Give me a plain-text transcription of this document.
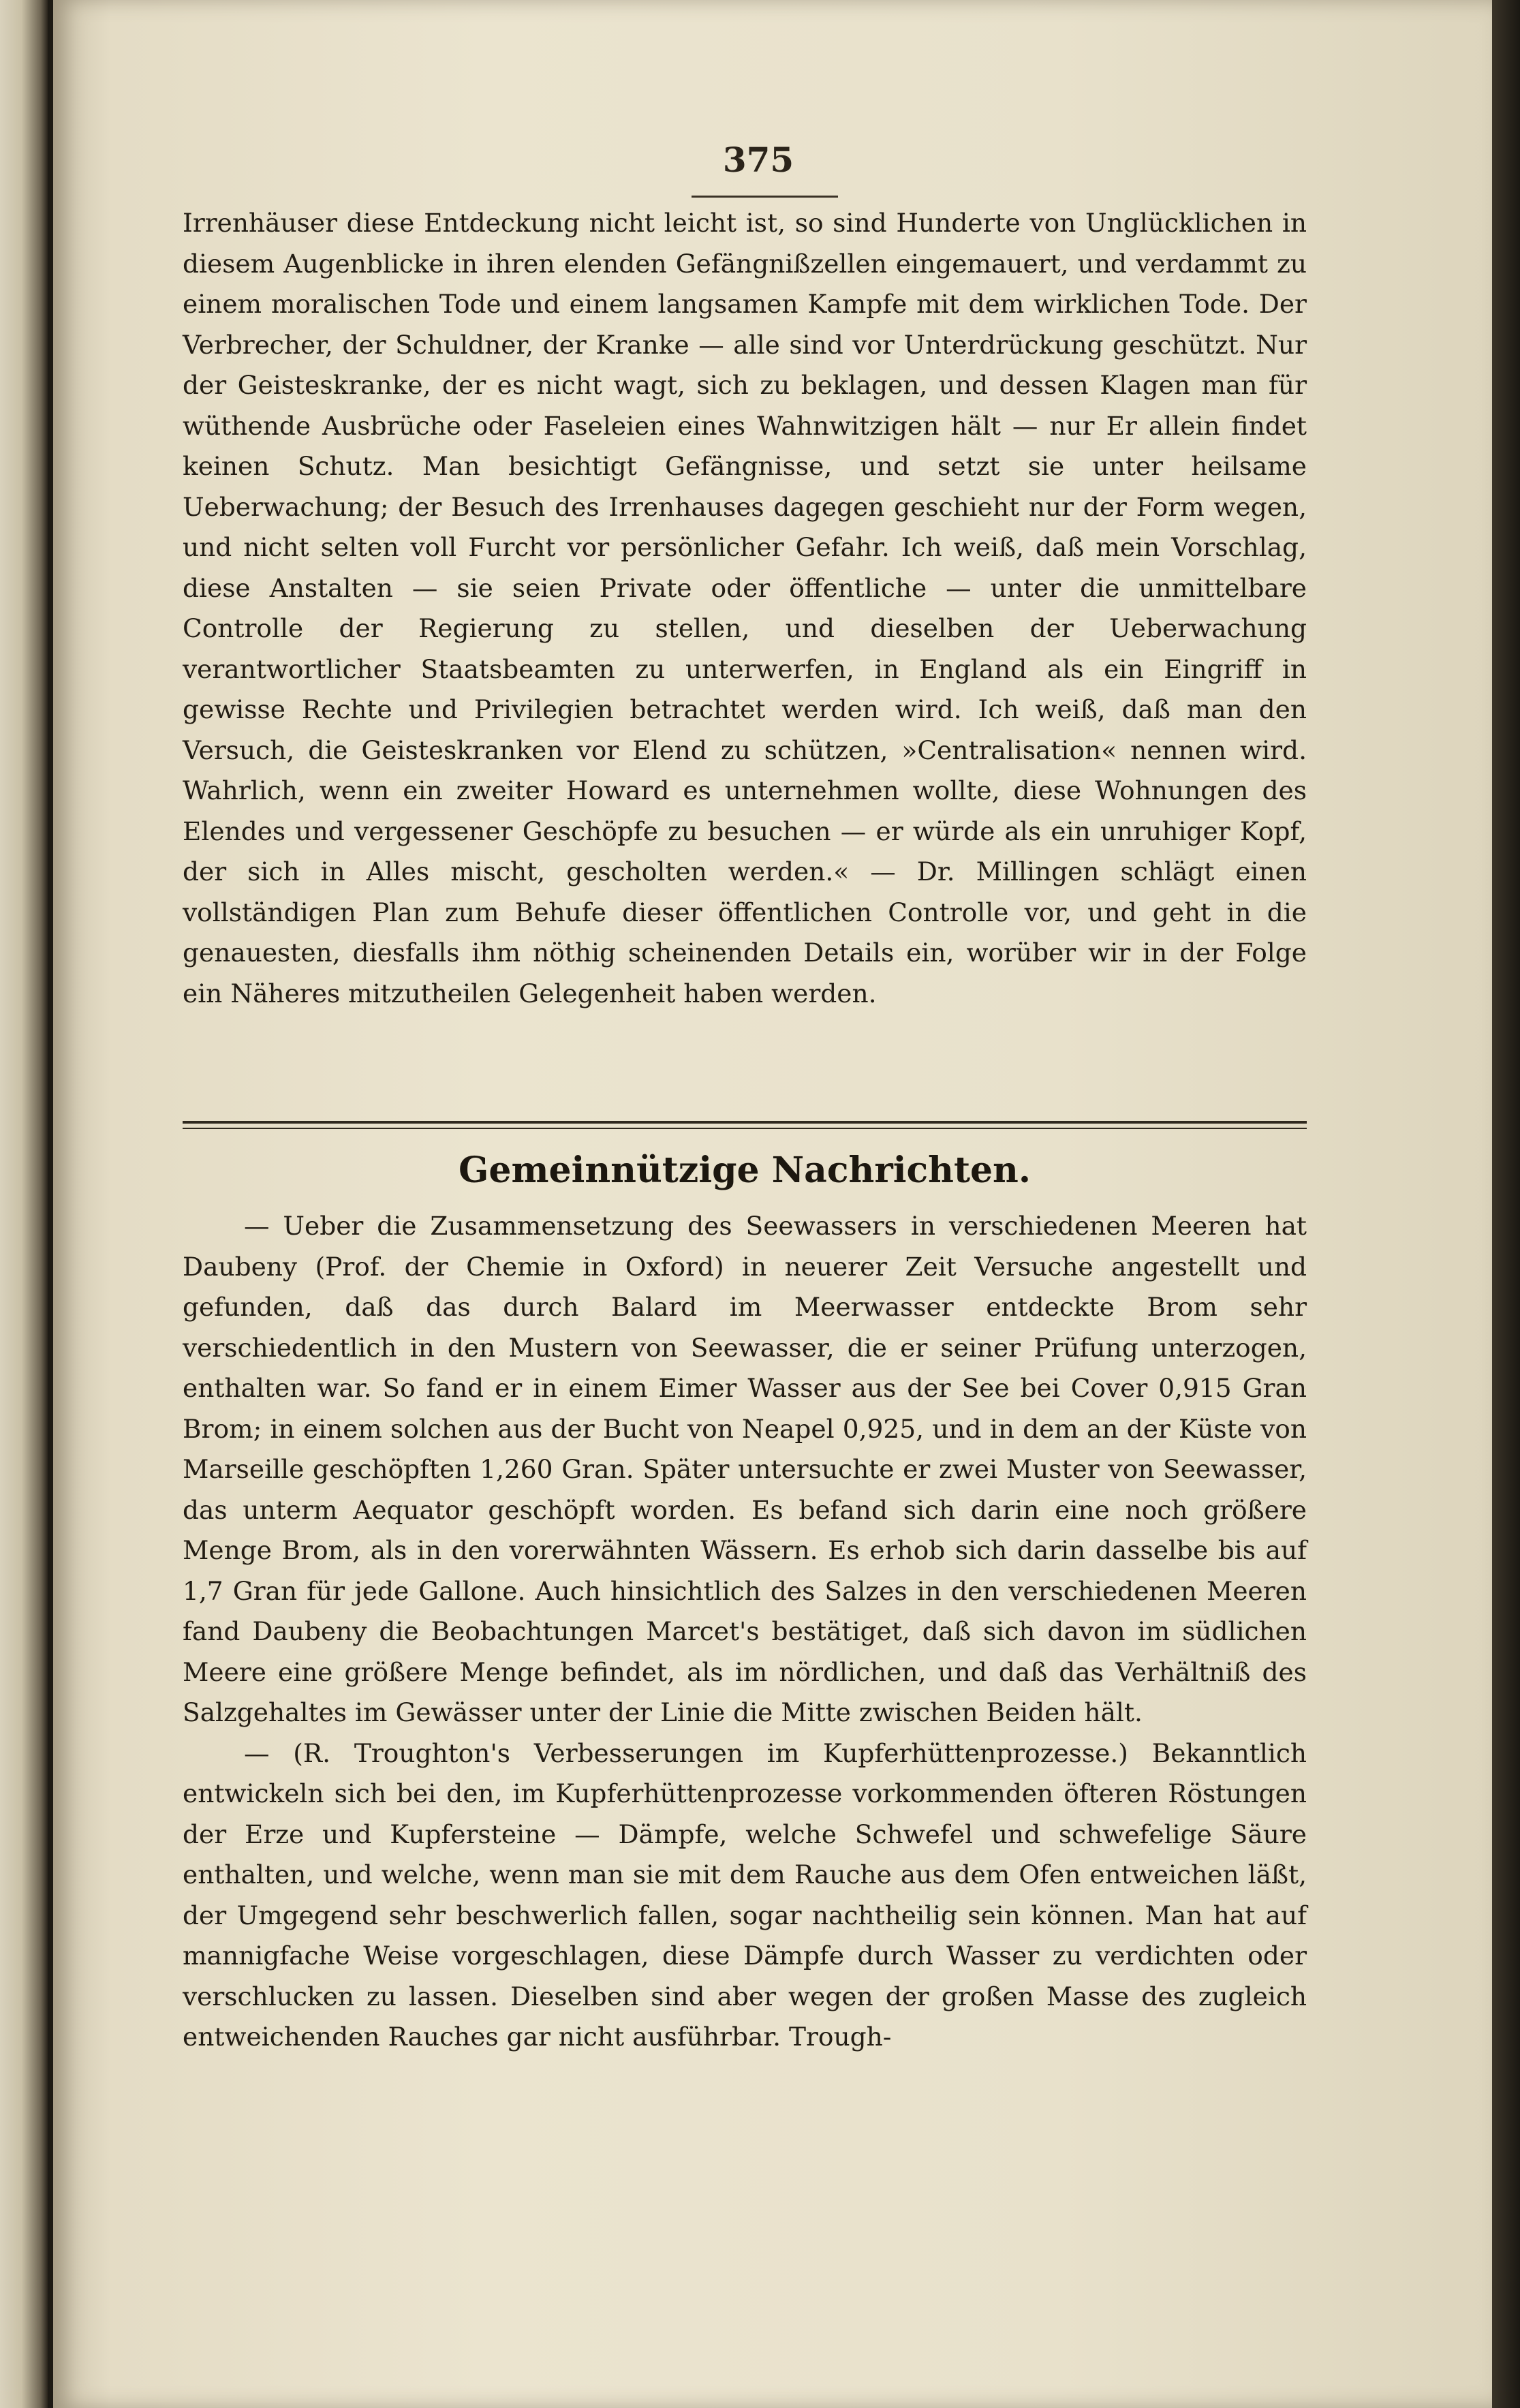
375

Irrenhäuser diese Entdeckung nicht leicht ist, so sind Hunderte von Unglücklichen in diesem Augenblicke in ihren elenden Gefängnißzellen eingemauert, und verdammt zu einem moralischen Tode und einem langsamen Kampfe mit dem wirklichen Tode. Der Verbrecher, der Schuldner, der Kranke — alle sind vor Unterdrückung geschützt. Nur der Geisteskranke, der es nicht wagt, sich zu beklagen, und dessen Klagen man für wüthende Ausbrüche oder Faseleien eines Wahnwitzigen hält — nur Er allein findet keinen Schutz. Man besichtigt Gefängnisse, und setzt sie unter heilsame Ueberwachung; der Besuch des Irrenhauses dagegen geschieht nur der Form wegen, und nicht selten voll Furcht vor persönlicher Gefahr. Ich weiß, daß mein Vorschlag, diese Anstalten — sie seien Private oder öffentliche — unter die unmittelbare Controlle der Regierung zu stellen, und dieselben der Ueberwachung verantwortlicher Staatsbeamten zu unterwerfen, in England als ein Eingriff in gewisse Rechte und Privilegien betrachtet werden wird. Ich weiß, daß man den Versuch, die Geisteskranken vor Elend zu schützen, »Centralisation« nennen wird. Wahrlich, wenn ein zweiter Howard es unternehmen wollte, diese Wohnungen des Elendes und vergessener Geschöpfe zu besuchen — er würde als ein unruhiger Kopf, der sich in Alles mischt, gescholten werden.« — Dr. Millingen schlägt einen vollständigen Plan zum Behufe dieser öffentlichen Controlle vor, und geht in die genauesten, diesfalls ihm nöthig scheinenden Details ein, worüber wir in der Folge ein Näheres mitzutheilen Gelegenheit haben werden.

Gemeinnützige Nachrichten.

— Ueber die Zusammensetzung des Seewassers in verschiedenen Meeren hat Daubeny (Prof. der Chemie in Oxford) in neuerer Zeit Versuche angestellt und gefunden, daß das durch Balard im Meerwasser entdeckte Brom sehr verschiedentlich in den Mustern von Seewasser, die er seiner Prüfung unterzogen, enthalten war. So fand er in einem Eimer Wasser aus der See bei Cover 0,915 Gran Brom; in einem solchen aus der Bucht von Neapel 0,925, und in dem an der Küste von Marseille geschöpften 1,260 Gran. Später untersuchte er zwei Muster von Seewasser, das unterm Aequator geschöpft worden. Es befand sich darin eine noch größere Menge Brom, als in den vorerwähnten Wässern. Es erhob sich darin dasselbe bis auf 1,7 Gran für jede Gallone. Auch hinsichtlich des Salzes in den verschiedenen Meeren fand Daubeny die Beobachtungen Marcet's bestätiget, daß sich davon im südlichen Meere eine größere Menge befindet, als im nördlichen, und daß das Verhältniß des Salzgehaltes im Gewässer unter der Linie die Mitte zwischen Beiden hält.

— (R. Troughton's Verbesserungen im Kupferhüttenprozesse.) Bekanntlich entwickeln sich bei den, im Kupferhüttenprozesse vorkommenden öfteren Röstungen der Erze und Kupfersteine — Dämpfe, welche Schwefel und schwefelige Säure enthalten, und welche, wenn man sie mit dem Rauche aus dem Ofen entweichen läßt, der Umgegend sehr beschwerlich fallen, sogar nachtheilig sein können. Man hat auf mannigfache Weise vorgeschlagen, diese Dämpfe durch Wasser zu verdichten oder verschlucken zu lassen. Dieselben sind aber wegen der großen Masse des zugleich entweichenden Rauches gar nicht ausführbar. Trough-
